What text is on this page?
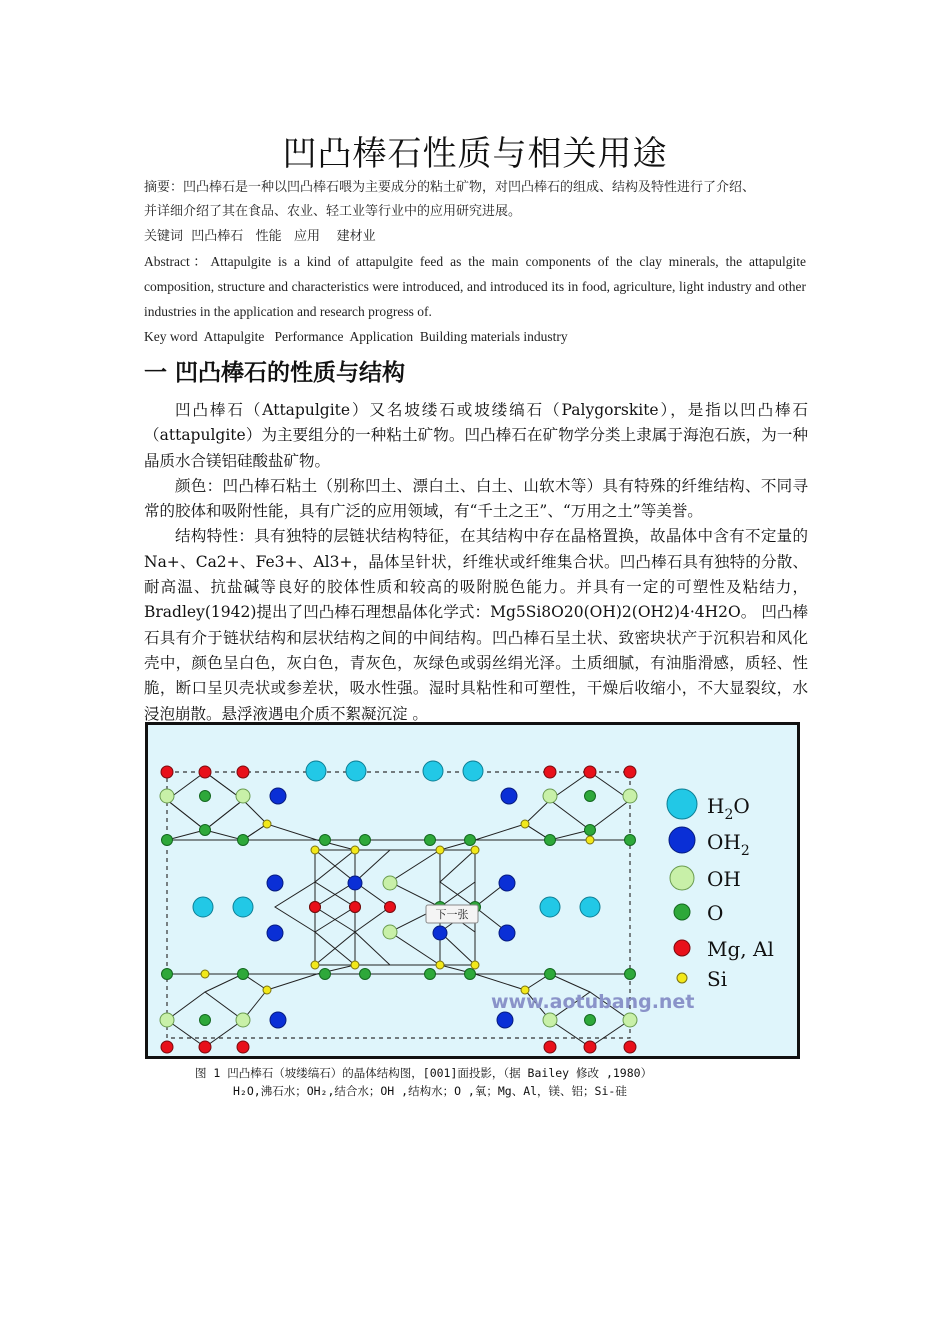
凹凸棒石性质与相关用途
摘要：凹凸棒石是一种以凹凸棒石喂为主要成分的粘土矿物，对凹凸棒石的组成、结构及特性进行了介绍、
并详细介绍了其在食品、农业、轻工业等行业中的应用研究进展。
关键词  凹凸棒石   性能   应用    建材业
Abstract：Attapulgite is a kind of attapulgite feed as the main components of the clay minerals, the attapulgite composition, structure and characteristics were introduced, and introduced its in food, agriculture, light industry and other industries in the application and research progress of.
Key word  Attapulgite   Performance  Application  Building materials industry
一 凹凸棒石的性质与结构

凹凸棒石（Attapulgite）又名坡缕石或坡缕缟石（Palygorskite），是指以凹凸棒石（attapulgite）为主要组分的一种粘土矿物。凹凸棒石在矿物学分类上隶属于海泡石族，为一种晶质水合镁铝硅酸盐矿物。

颜色：凹凸棒石粘土（别称凹土、漂白土、白土、山软木等）具有特殊的纤维结构、不同寻常的胶体和吸附性能，具有广泛的应用领域，有“千土之王”、“万用之土”等美誉。

结构特性：具有独特的层链状结构特征，在其结构中存在晶格置换，故晶体中含有不定量的Na+、Ca2+、Fe3+、Al3+，晶体呈针状，纤维状或纤维集合状。凹凸棒石具有独特的分散、耐高温、抗盐碱等良好的胶体性质和较高的吸附脱色能力。并具有一定的可塑性及粘结力，Bradley(1942)提出了凹凸棒石理想晶体化学式：Mg5Si8O20(OH)2(OH2)4·4H2O。 凹凸棒石具有介于链状结构和层状结构之间的中间结构。凹凸棒石呈土状、致密块状产于沉积岩和风化壳中，颜色呈白色，灰白色，青灰色，灰绿色或弱丝绢光泽。土质细腻，有油脂滑感，质轻、性脆，断口呈贝壳状或参差状，吸水性强。湿时具粘性和可塑性，干燥后收缩小，不大显裂纹，水浸泡崩散。悬浮液遇电介质不絮凝沉淀 。

下一张
www.aotubang.net
$H_2O$
$OH_2$
OH
O
Mg, Al
Si
图 1 凹凸棒石（坡缕缟石）的晶体结构图，[001]面投影，（据 Bailey 修改 ,1980）
H₂O,沸石水；OH₂,结合水；OH ,结构水；O ,氧；Mg、Al，镁、铝；Si-硅
